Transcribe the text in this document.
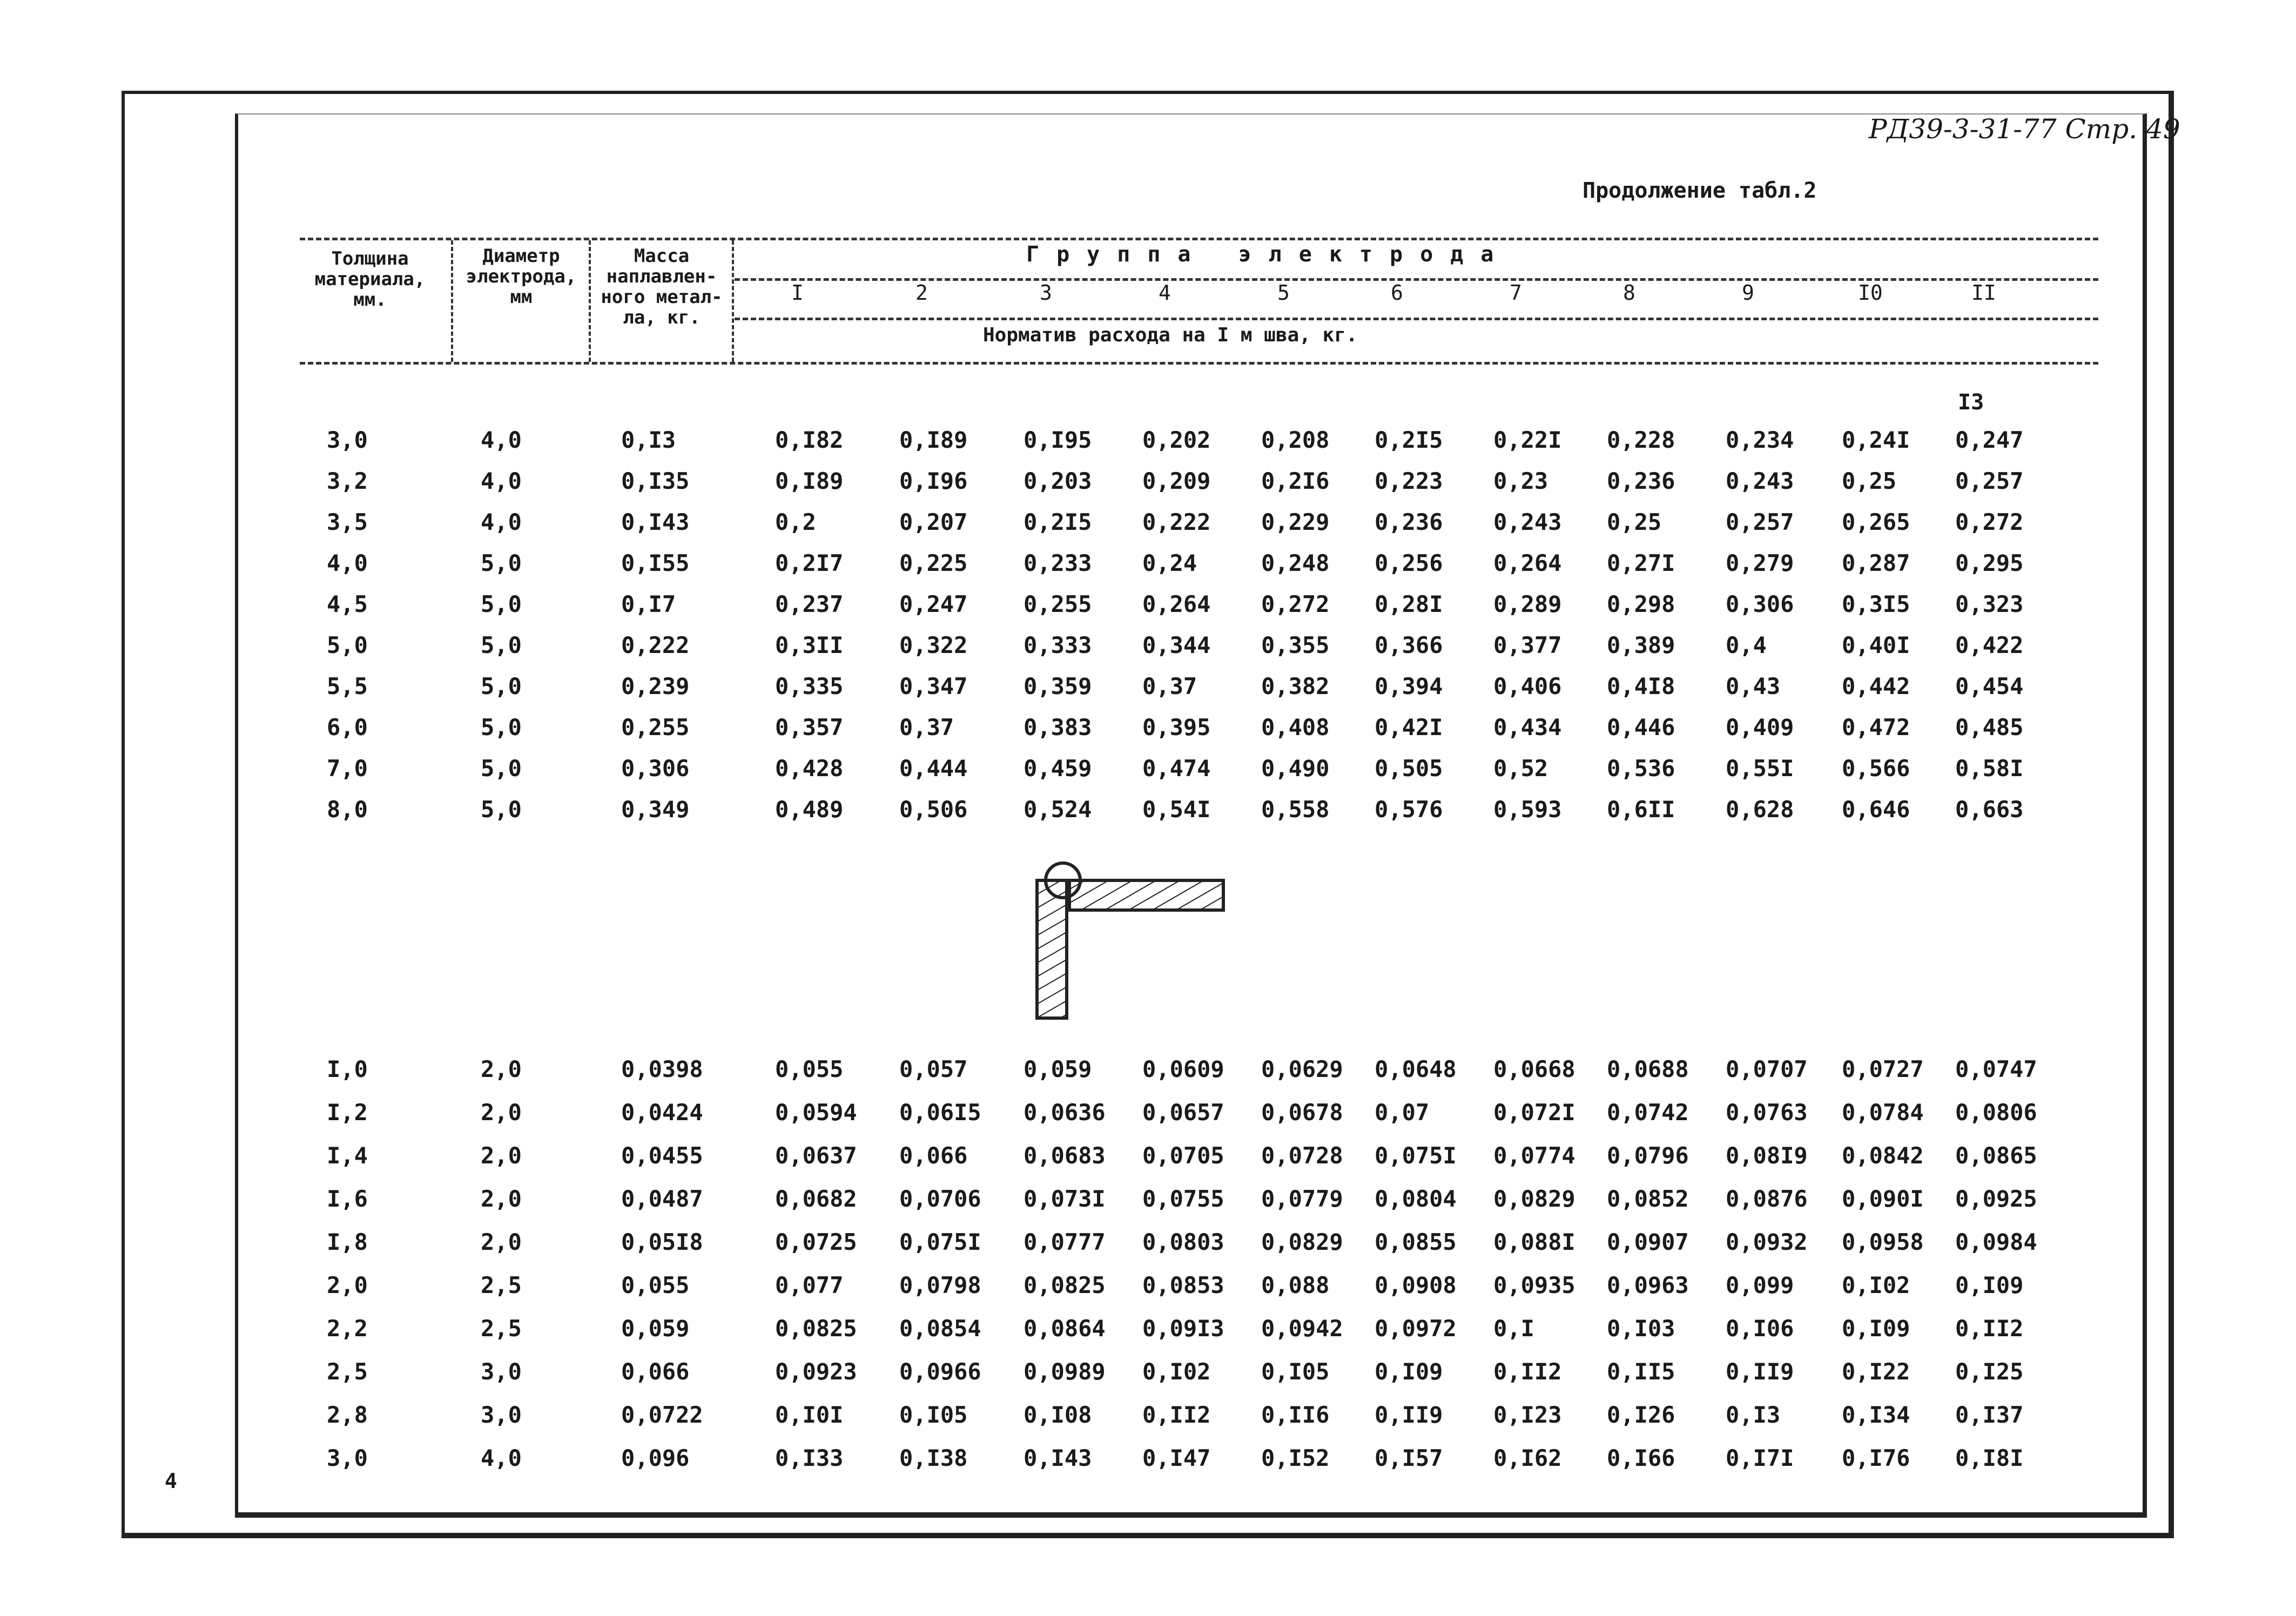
РД39-3-31-77 Стр. 49
Продолжение табл.2
Толщина
материала,
мм.
Диаметр
электрода,
мм
Масса
наплавлен-
ного метал-
ла, кг.
Группа электрода
I	2	3	4	5	6	7	8	9	I0	II
Норматив расхода на I м шва, кг.
I3
3,0	4,0	0,I3	0,I82 0,I89 0,I95 0,202 0,208 0,2I5 0,22I 0,228 0,234 0,24I 0,247
3,2	4,0	0,I35	0,I89 0,I96 0,203 0,209 0,2I6 0,223 0,23	0,236 0,243 0,25	0,257
3,5	4,0	0,I43	0,2	0,207 0,2I5 0,222 0,229 0,236 0,243 0,25	0,257 0,265 0,272
4,0	5,0	0,I55	0,2I7 0,225 0,233 0,24	0,248 0,256 0,264 0,27I 0,279 0,287 0,295
4,5	5,0	0,I7	0,237 0,247 0,255 0,264 0,272 0,28I 0,289 0,298 0,306 0,3I5 0,323
5,0	5,0	0,222	0,3II 0,322 0,333 0,344 0,355 0,366 0,377 0,389 0,4	0,40I 0,422
5,5	5,0	0,239	0,335 0,347 0,359 0,37	0,382 0,394 0,406 0,4I8 0,43	0,442 0,454
6,0	5,0	0,255	0,357 0,37	0,383 0,395 0,408 0,42I 0,434 0,446 0,409 0,472 0,485
7,0	5,0	0,306	0,428 0,444 0,459 0,474 0,490 0,505 0,52	0,536 0,55I 0,566 0,58I
8,0	5,0	0,349	0,489 0,506 0,524 0,54I 0,558 0,576 0,593 0,6II 0,628 0,646 0,663
I,0	2,0	0,0398	0,055 0,057 0,059 0,0609 0,0629 0,0648 0,0668 0,0688 0,0707 0,0727 0,0747
I,2	2,0	0,0424	0,0594 0,06I5 0,0636 0,0657 0,0678 0,07	0,072I 0,0742 0,0763 0,0784 0,0806
I,4	2,0	0,0455	0,0637 0,066 0,0683 0,0705 0,0728 0,075I 0,0774 0,0796 0,08I9 0,0842 0,0865
I,6	2,0	0,0487	0,0682 0,0706 0,073I 0,0755 0,0779 0,0804 0,0829 0,0852 0,0876 0,090I 0,0925
I,8	2,0	0,05I8	0,0725 0,075I 0,0777 0,0803 0,0829 0,0855 0,088I 0,0907 0,0932 0,0958 0,0984
2,0	2,5	0,055	0,077 0,0798 0,0825 0,0853 0,088 0,0908 0,0935 0,0963 0,099 0,I02 0,I09
2,2	2,5	0,059	0,0825 0,0854 0,0864 0,09I3 0,0942 0,0972 0,I	0,I03 0,I06 0,I09 0,II2
2,5	3,0	0,066	0,0923 0,0966 0,0989 0,I02 0,I05 0,I09 0,II2 0,II5 0,II9 0,I22 0,I25
2,8	3,0	0,0722	0,I0I 0,I05 0,I08 0,II2 0,II6 0,II9 0,I23 0,I26 0,I3	0,I34 0,I37
3,0	4,0	0,096	0,I33 0,I38 0,I43 0,I47 0,I52 0,I57 0,I62 0,I66 0,I7I 0,I76 0,I8I
4
